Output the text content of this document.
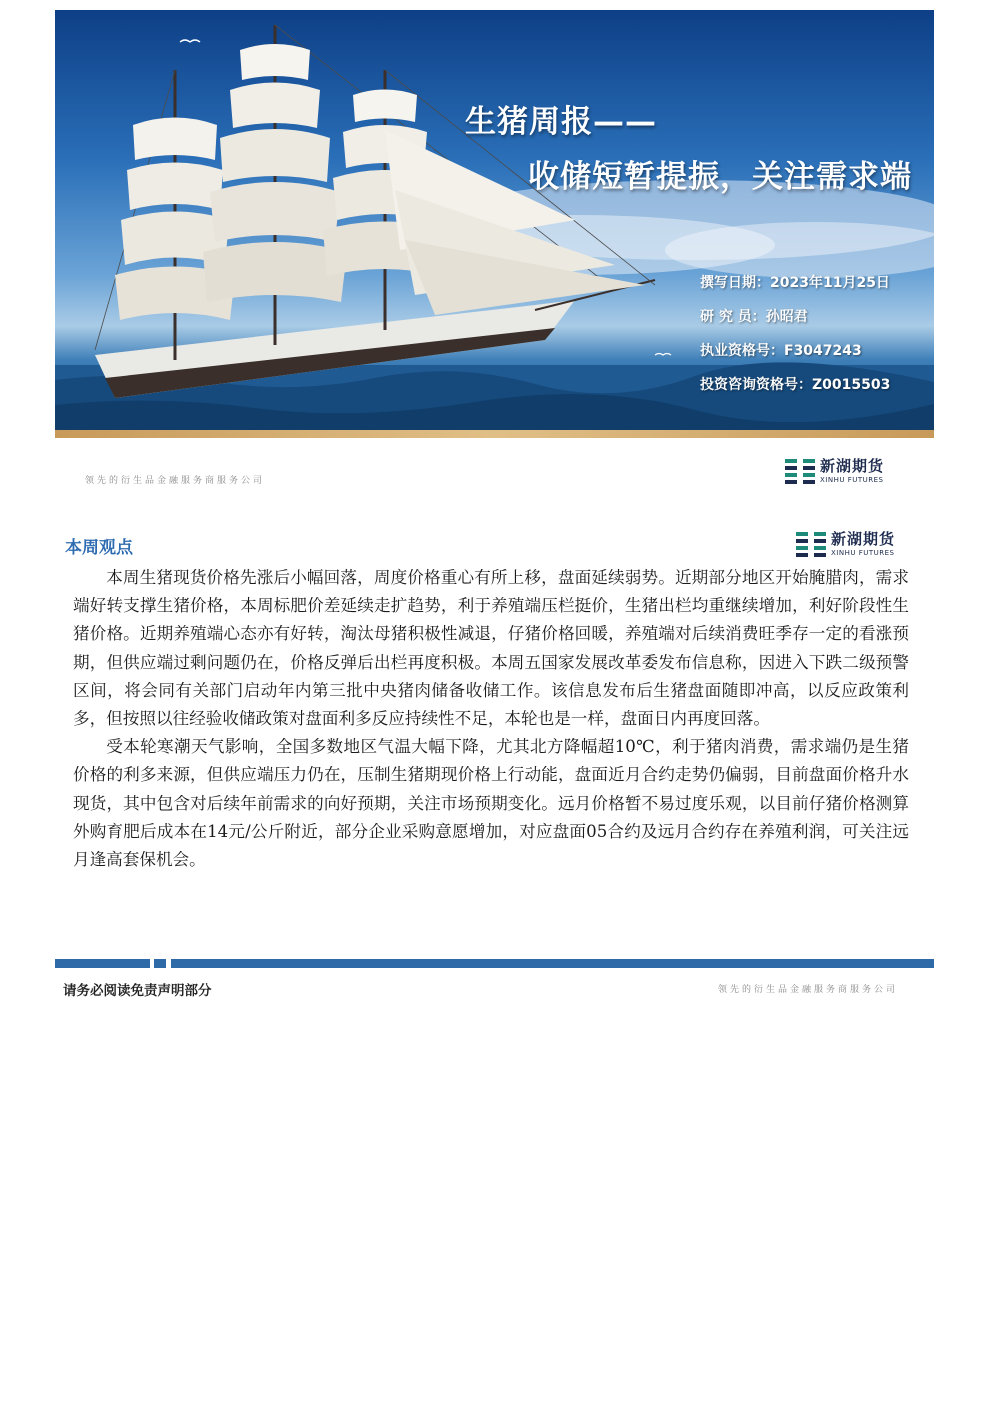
生猪周报——
收储短暂提振，关注需求端
撰写日期：2023年11月25日
研 究 员：孙昭君
执业资格号：F3047243
投资咨询资格号：Z0015503
领先的衍生品金融服务商服务公司
新湖期货
XINHU FUTURES
本周观点	新湖期货
XINHU FUTURES

本周生猪现货价格先涨后小幅回落，周度价格重心有所上移，盘面延续弱势。近期部分地区开始腌腊肉，需求端好转支撑生猪价格，本周标肥价差延续走扩趋势，利于养殖端压栏挺价，生猪出栏均重继续增加，利好阶段性生猪价格。近期养殖端心态亦有好转，淘汰母猪积极性减退，仔猪价格回暖，养殖端对后续消费旺季存一定的看涨预期，但供应端过剩问题仍在，价格反弹后出栏再度积极。本周五国家发展改革委发布信息称，因进入下跌二级预警区间，将会同有关部门启动年内第三批中央猪肉储备收储工作。该信息发布后生猪盘面随即冲高，以反应政策利多，但按照以往经验收储政策对盘面利多反应持续性不足，本轮也是一样，盘面日内再度回落。

受本轮寒潮天气影响，全国多数地区气温大幅下降，尤其北方降幅超10℃，利于猪肉消费，需求端仍是生猪价格的利多来源，但供应端压力仍在，压制生猪期现价格上行动能，盘面近月合约走势仍偏弱，目前盘面价格升水现货，其中包含对后续年前需求的向好预期，关注市场预期变化。远月价格暂不易过度乐观，以目前仔猪价格测算外购育肥后成本在14元/公斤附近，部分企业采购意愿增加，对应盘面05合约及远月合约存在养殖利润，可关注远月逢高套保机会。

请务必阅读免责声明部分	领先的衍生品金融服务商服务公司
